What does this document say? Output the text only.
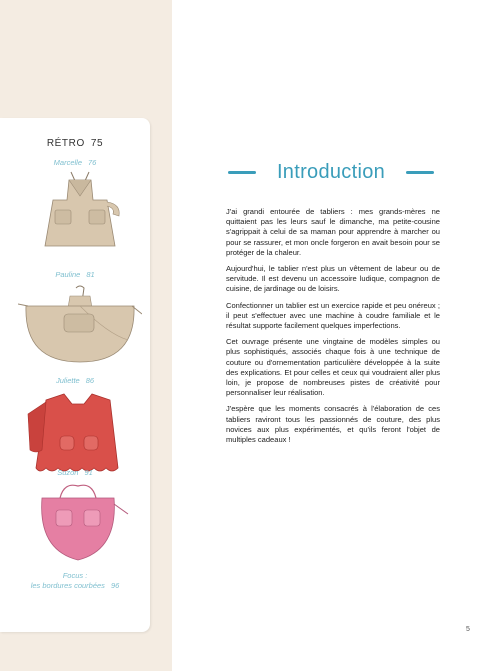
RÉTRO 75
Marcelle 76
Pauline 81
Juliette 86
Suzon 91
Focus :
les bordures courbées 96
Introduction

J'ai grandi entourée de tabliers : mes grands-mères ne quittaient pas les leurs sauf le dimanche, ma petite-cousine s'agrippait à celui de sa maman pour apprendre à marcher ou pour se rassurer, et mon oncle forgeron en avait besoin pour se protéger de la chaleur.

Aujourd'hui, le tablier n'est plus un vêtement de labeur ou de servitude. Il est devenu un accessoire ludique, compagnon de cuisine, de jardinage ou de loisirs.

Confectionner un tablier est un exercice rapide et peu onéreux ; il peut s'effectuer avec une machine à coudre familiale et le résultat supporte facilement quelques imperfections.

Cet ouvrage présente une vingtaine de modèles simples ou plus sophistiqués, associés chaque fois à une technique de couture ou d'ornementation particulière développée à la suite des explications. Et pour celles et ceux qui voudraient aller plus loin, je propose de nombreuses pistes de créativité pour personnaliser leur réalisation.

J'espère que les moments consacrés à l'élaboration de ces tabliers raviront tous les passionnés de couture, des plus novices aux plus expérimentés, et qu'ils feront l'objet de multiples cadeaux !

5
